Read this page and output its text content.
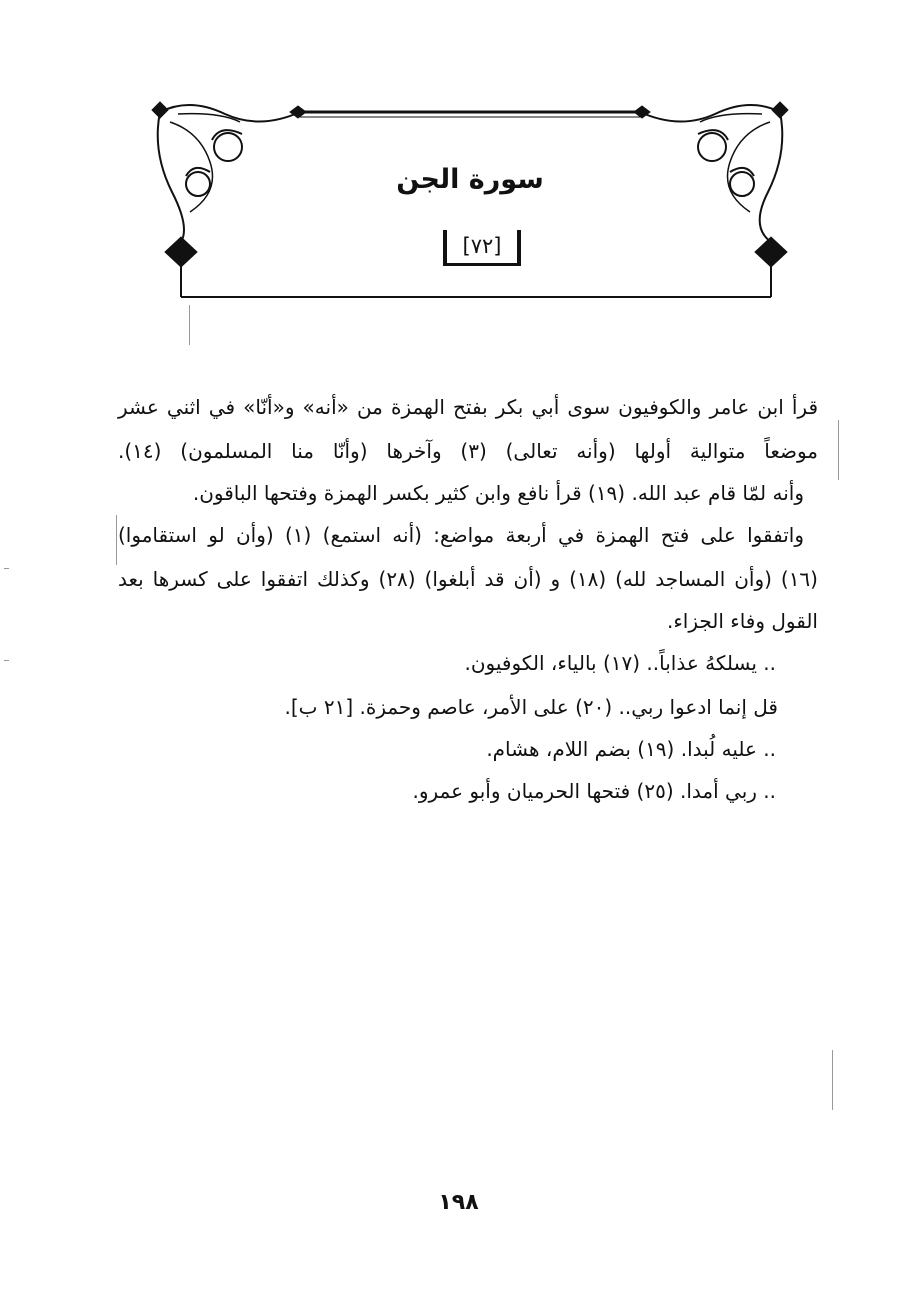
سورة الجن
[٧٢]
قرأ ابن عامر والكوفيون سوى أبي بكر بفتح الهمزة من «أنه» و«أنّا» في اثني عشر
موضعاً متوالية أولها (وأنه تعالى) (٣) وآخرها (وأنّا منا المسلمون) (١٤).
وأنه لمّا قام عبد الله. (١٩) قرأ نافع وابن كثير بكسر الهمزة وفتحها الباقون.
واتفقوا على فتح الهمزة في أربعة مواضع: (أنه استمع) (١) (وأن لو استقاموا)
(١٦) (وأن المساجد لله) (١٨) و (أن قد أبلغوا) (٢٨) وكذلك اتفقوا على كسرها بعد
القول وفاء الجزاء.
.. يسلكهُ عذاباً.. (١٧) بالياء، الكوفيون.
قل إنما ادعوا ربي.. (٢٠) على الأمر، عاصم وحمزة. [٢١ ب].
.. عليه لُبدا. (١٩) بضم اللام، هشام.
.. ربي أمدا. (٢٥) فتحها الحرميان وأبو عمرو.
١٩٨
